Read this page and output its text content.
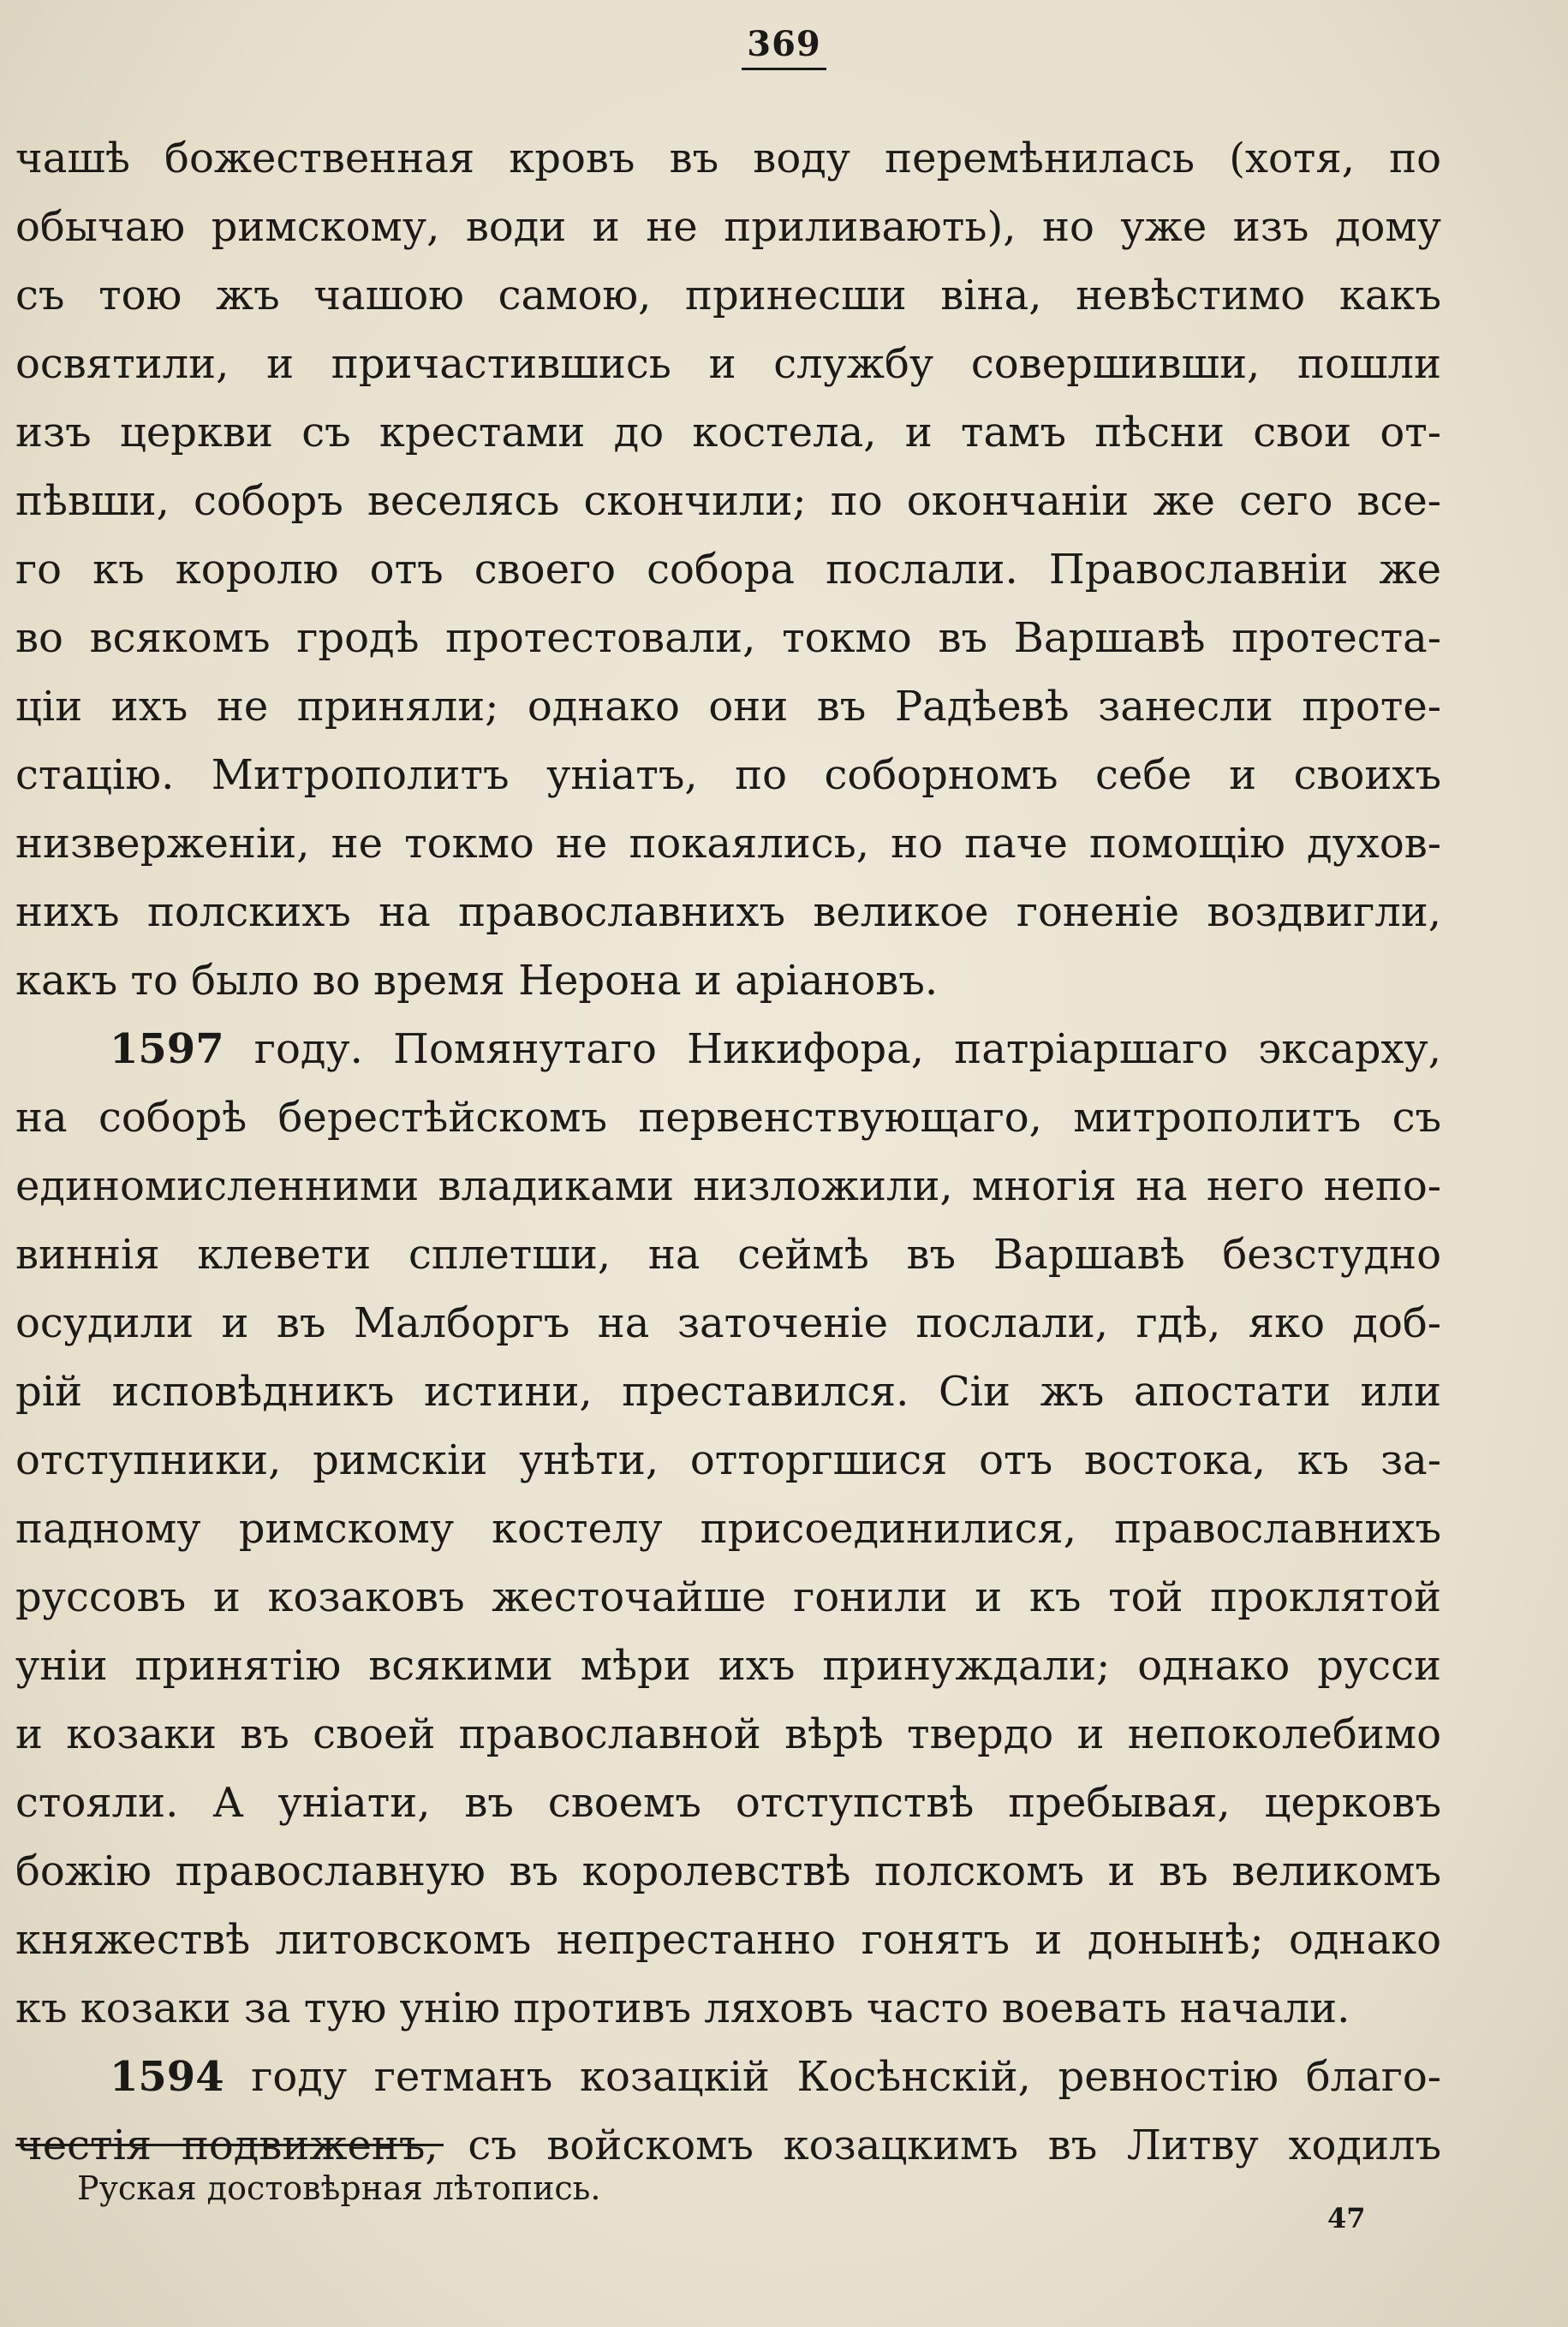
369
чашѣ божественная кровъ въ воду перемѣнилась (хотя, по
обычаю римскому, води и не приливають), но уже изъ дому
съ тою жъ чашою самою, принесши віна, невѣстимо какъ
освятили, и причастившись и службу совершивши, пошли
изъ церкви съ крестами до костела, и тамъ пѣсни свои от-
пѣвши, соборъ веселясь скончили; по окончаніи же сего все-
го къ королю отъ своего собора послали. Православніи же
во всякомъ гродѣ протестовали, токмо въ Варшавѣ протеста-
ціи ихъ не приняли; однако они въ Радѣевѣ занесли проте-
стацію. Митрополитъ уніатъ, по соборномъ себе и своихъ
низверженіи, не токмо не покаялись, но паче помощію духов-
нихъ полскихъ на православнихъ великое гоненіе воздвигли,
какъ то было во время Нерона и аріановъ.
1597 году. Помянутаго Никифора, патріаршаго эксарху,
на соборѣ берестѣйскомъ первенствующаго, митрополитъ съ
единомисленними владиками низложили, многія на него непо-
виннія клевети сплетши, на сеймѣ въ Варшавѣ безстудно
осудили и въ Малборгъ на заточеніе послали, гдѣ, яко доб-
рій исповѣдникъ истини, преставился. Сіи жъ апостати или
отступники, римскіи унѣти, отторгшися отъ востока, къ за-
падному римскому костелу присоединилися, православнихъ
руссовъ и козаковъ жесточайше гонили и къ той проклятой
уніи принятію всякими мѣри ихъ принуждали; однако русси
и козаки въ своей православной вѣрѣ твердо и непоколебимо
стояли. А уніати, въ своемъ отступствѣ пребывая, церковъ
божію православную въ королевствѣ полскомъ и въ великомъ
княжествѣ литовскомъ непрестанно гонятъ и донынѣ; однако
къ козаки за тую унію противъ ляховъ часто воевать начали.
1594 году гетманъ козацкій Косѣнскій, ревностію благо-
честія подвиженъ, съ войскомъ козацкимъ въ Литву ходилъ
Руская достовѣрная лѣтопись.
47
